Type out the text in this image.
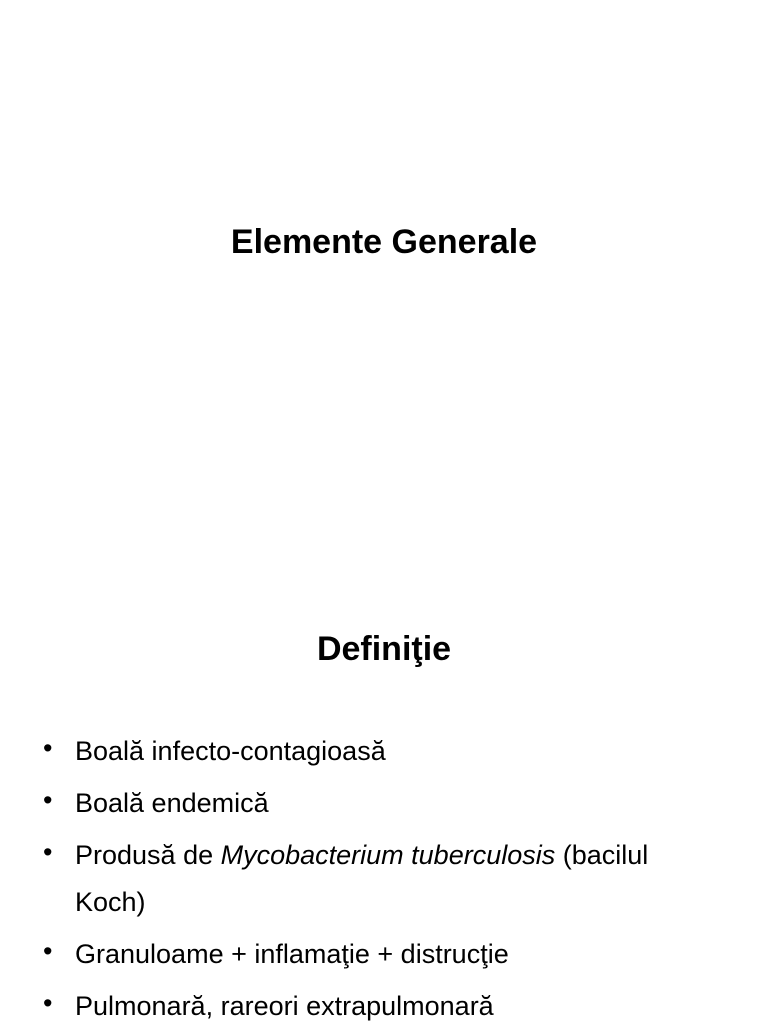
Elemente Generale
Definiţie
• Boală infecto-contagioasă
• Boală endemică
• Produsă de Mycobacterium tuberculosis (bacilul
Koch)
• Granuloame + inflamaţie + distrucţie
• Pulmonară, rareori extrapulmonară
